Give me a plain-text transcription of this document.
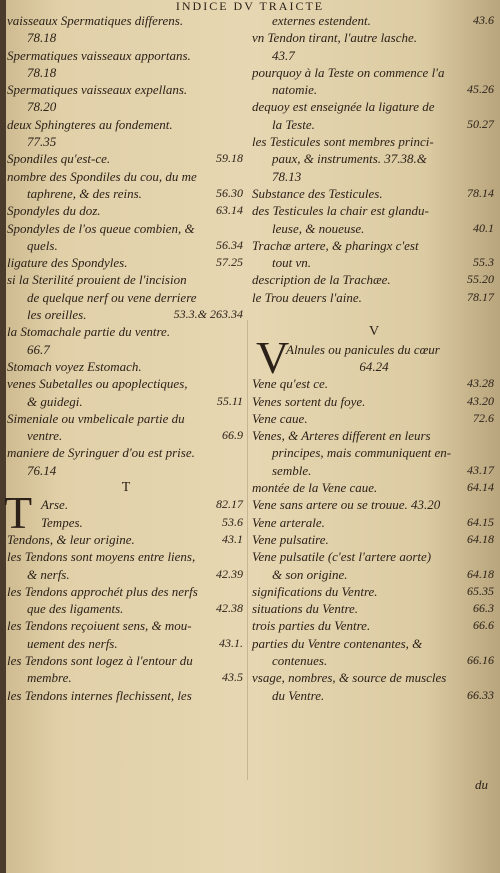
INDICE DV TRAICTE
vaisseaux Spermatiques differens.
78.18
Spermatiques vaisseaux apportans.
78.18
Spermatiques vaisseaux expellans.
78.20
deux Sphingteres au fondement.
77.35
Spondiles qu'est-ce.	59.18
nombre des Spondiles du cou, du me
taphrene, & des reins.	56.30
Spondyles du doz.	63.14
Spondyles de l'os queue combien, &
quels.	56.34
ligature des Spondyles.	57.25
si la Sterilité prouient de l'incision
de quelque nerf ou vene derriere
les oreilles.	53.3.& 263.34
la Stomachale partie du ventre.
66.7
Stomach voyez Estomach.
venes Subetalles ou apoplectiques,
& guidegi.	55.11
Simeniale ou vmbelicale partie du
ventre.	66.9
maniere de Syringuer d'ou est prise.
76.14
T
Arse.	82.17
Tempes.	53.6
Tendons, & leur origine.	43.1
les Tendons sont moyens entre liens,
& nerfs.	42.39
les Tendons approchét plus des nerfs
que des ligaments.	42.38
les Tendons reçoiuent sens, & mou-
uement des nerfs.	43.1.
les Tendons sont logez à l'entour du
membre.	43.5
les Tendons internes flechissent, les
externes estendent.	43.6
vn Tendon tirant, l'autre lasche.
43.7
pourquoy à la Teste on commence l'a
natomie.	45.26
dequoy est enseignée la ligature de
la Teste.	50.27
les Testicules sont membres princi-
paux, & instruments. 37.38.&
78.13
Substance des Testicules.	78.14
des Testicules la chair est glandu-
leuse, & noueuse.	40.1
Trachæ artere, & pharingx c'est
tout vn.	55.3
description de la Trachæe.	55.20
le Trou deuers l'aine.	78.17
V
Alnules ou panicules du cœur
64.24
Vene qu'est ce.	43.28
Venes sortent du foye.	43.20
Vene caue.	72.6
Venes, & Arteres different en leurs
principes, mais communiquent en-
semble.	43.17
montée de la Vene caue.	64.14
Vene sans artere ou se trouue. 43.20
Vene arterale.	64.15
Vene pulsatire.	64.18
Vene pulsatile (c'est l'artere aorte)
& son origine.	64.18
significations du Ventre.	65.35
situations du Ventre.	66.3
trois parties du Ventre.	66.6
parties du Ventre contenantes, &
contenues.	66.16
vsage, nombres, & source de muscles
du Ventre.	66.33
T
V
du
